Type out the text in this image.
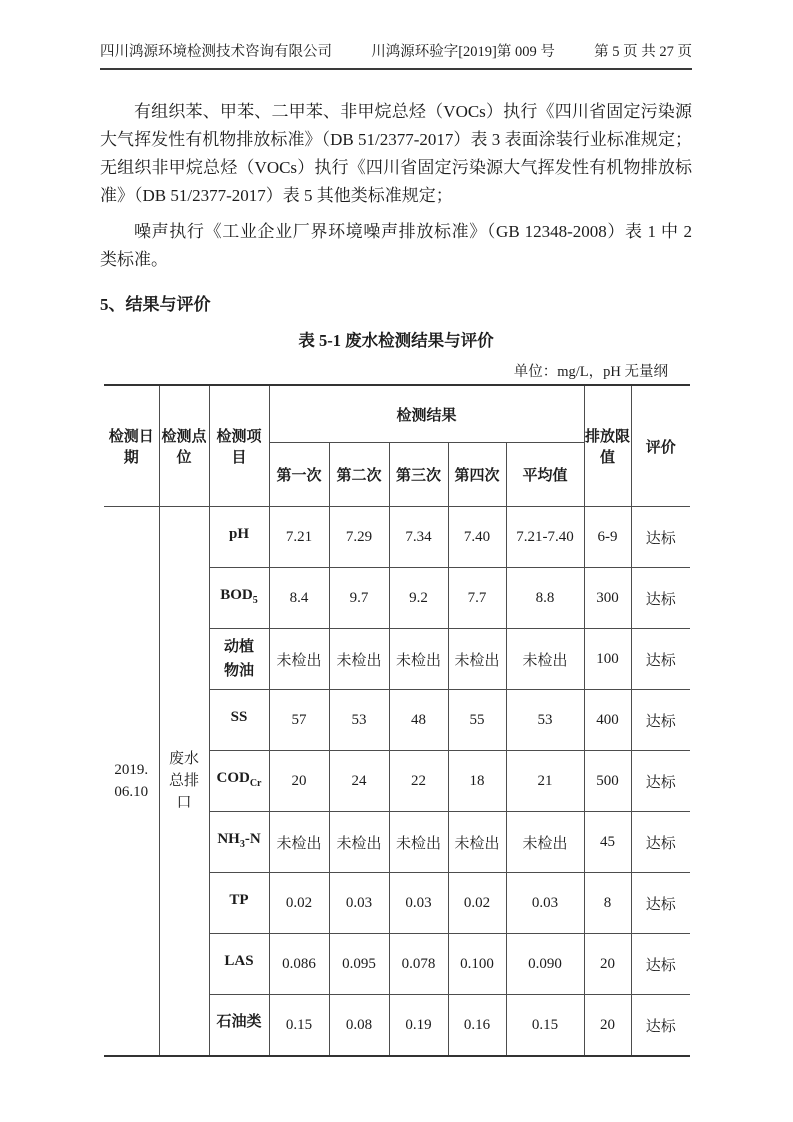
四川鸿源环境检测技术咨询有限公司	川鸿源环验字[2019]第 009 号	第 5 页 共 27 页

有组织苯、甲苯、二甲苯、非甲烷总烃（VOCs）执行《四川省固定污染源大气挥发性有机物排放标准》（DB 51/2377-2017）表 3 表面涂装行业标准规定；无组织非甲烷总烃（VOCs）执行《四川省固定污染源大气挥发性有机物排放标准》（DB 51/2377-2017）表 5 其他类标准规定；

噪声执行《工业企业厂界环境噪声排放标准》（GB 12348-2008）表 1 中 2 类标准。

5、结果与评价
表 5-1 废水检测结果与评价
单位：mg/L，pH 无量纲
检测日期	检测点位	检测项目	检测结果					排放限值	评价
			第一次	第二次	第三次	第四次	平均值		

2019.
06.10	废水总排口	pH	7.21	7.29	7.34	7.40	7.21-7.40	6-9	达标

		$BOD_5$	8.4	9.7	9.2	7.7	8.8	300	达标

		动植
物油	未检出	未检出	未检出	未检出	未检出	100	达标

		SS	57	53	48	55	53	400	达标

		$COD_{Cr}$	20	24	22	18	21	500	达标

		$NH_3-N$	未检出	未检出	未检出	未检出	未检出	45	达标

		TP	0.02	0.03	0.03	0.02	0.03	8	达标

		LAS	0.086	0.095	0.078	0.100	0.090	20	达标

		石油类	0.15	0.08	0.19	0.16	0.15	20	达标
